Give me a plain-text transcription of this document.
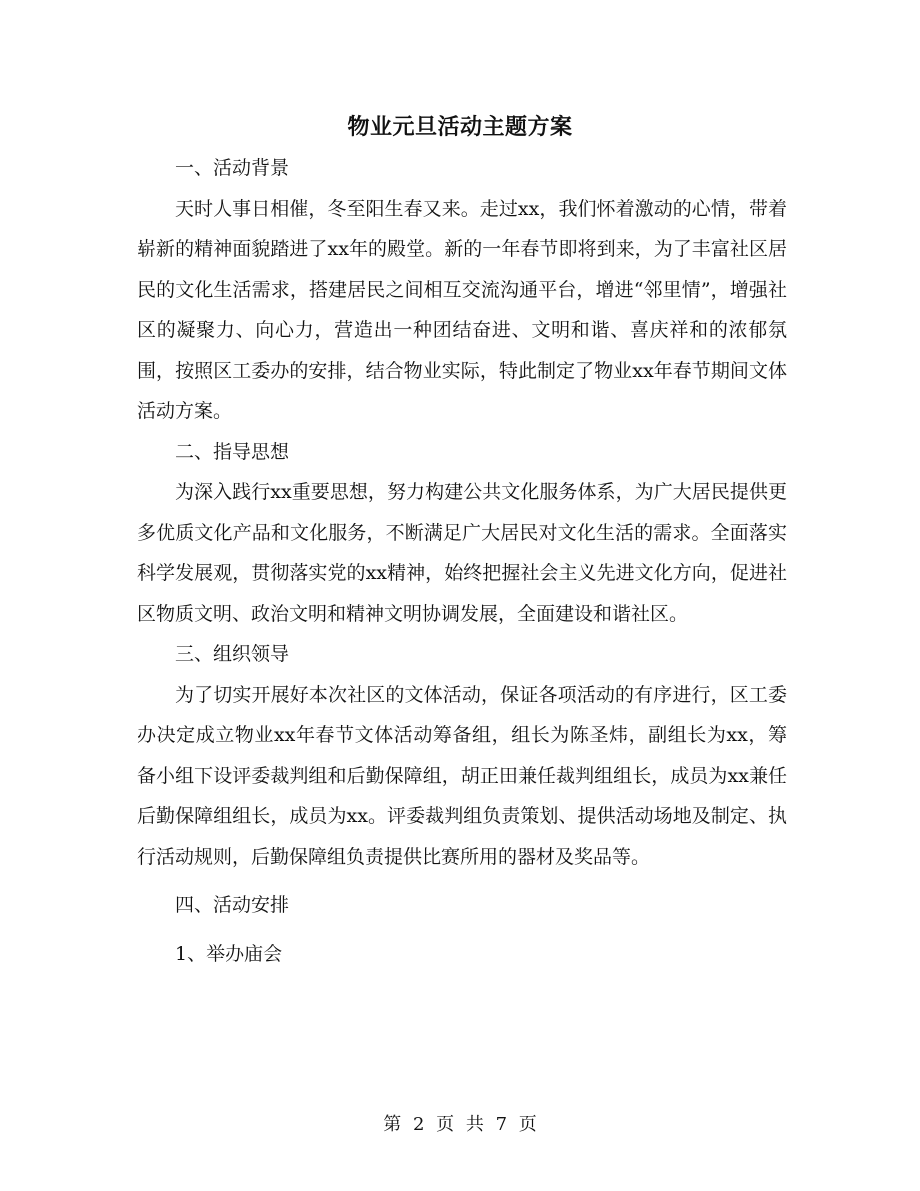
物业元旦活动主题方案

一、活动背景

天时人事日相催，冬至阳生春又来。走过xx，我们怀着激动的心情，带着崭新的精神面貌踏进了xx年的殿堂。新的一年春节即将到来，为了丰富社区居民的文化生活需求，搭建居民之间相互交流沟通平台，增进“邻里情”，增强社区的凝聚力、向心力，营造出一种团结奋进、文明和谐、喜庆祥和的浓郁氛围，按照区工委办的安排，结合物业实际，特此制定了物业xx年春节期间文体活动方案。

二、指导思想

为深入践行xx重要思想，努力构建公共文化服务体系，为广大居民提供更多优质文化产品和文化服务，不断满足广大居民对文化生活的需求。全面落实科学发展观，贯彻落实党的xx精神，始终把握社会主义先进文化方向，促进社区物质文明、政治文明和精神文明协调发展，全面建设和谐社区。

三、组织领导

为了切实开展好本次社区的文体活动，保证各项活动的有序进行，区工委办决定成立物业xx年春节文体活动筹备组，组长为陈圣炜，副组长为xx，筹备小组下设评委裁判组和后勤保障组，胡正田兼任裁判组组长，成员为xx兼任后勤保障组组长，成员为xx。评委裁判组负责策划、提供活动场地及制定、执行活动规则，后勤保障组负责提供比赛所用的器材及奖品等。

四、活动安排

1、举办庙会

第 2 页 共 7 页
